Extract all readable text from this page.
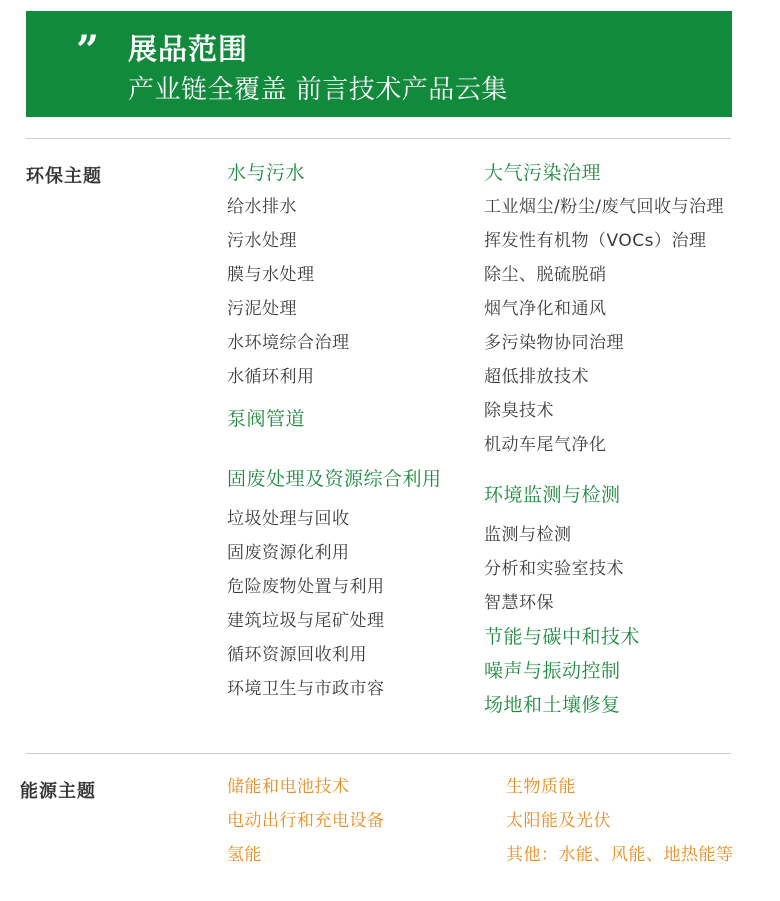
” 展品范围
产业链全覆盖 前言技术产品云集
环保主题	水与污水
给水排水
污水处理
膜与水处理
污泥处理
水环境综合治理
水循环利用
泵阀管道
固废处理及资源综合利用
垃圾处理与回收
固废资源化利用
危险废物处置与利用
建筑垃圾与尾矿处理
循环资源回收利用
环境卫生与市政市容
大气污染治理
工业烟尘/粉尘/废气回收与治理
挥发性有机物（VOCs）治理
除尘、脱硫脱硝
烟气净化和通风
多污染物协同治理
超低排放技术
除臭技术
机动车尾气净化
环境监测与检测
监测与检测
分析和实验室技术
智慧环保
节能与碳中和技术
噪声与振动控制
场地和土壤修复
能源主题	储能和电池技术
电动出行和充电设备
氢能
生物质能
太阳能及光伏
其他：水能、风能、地热能等
